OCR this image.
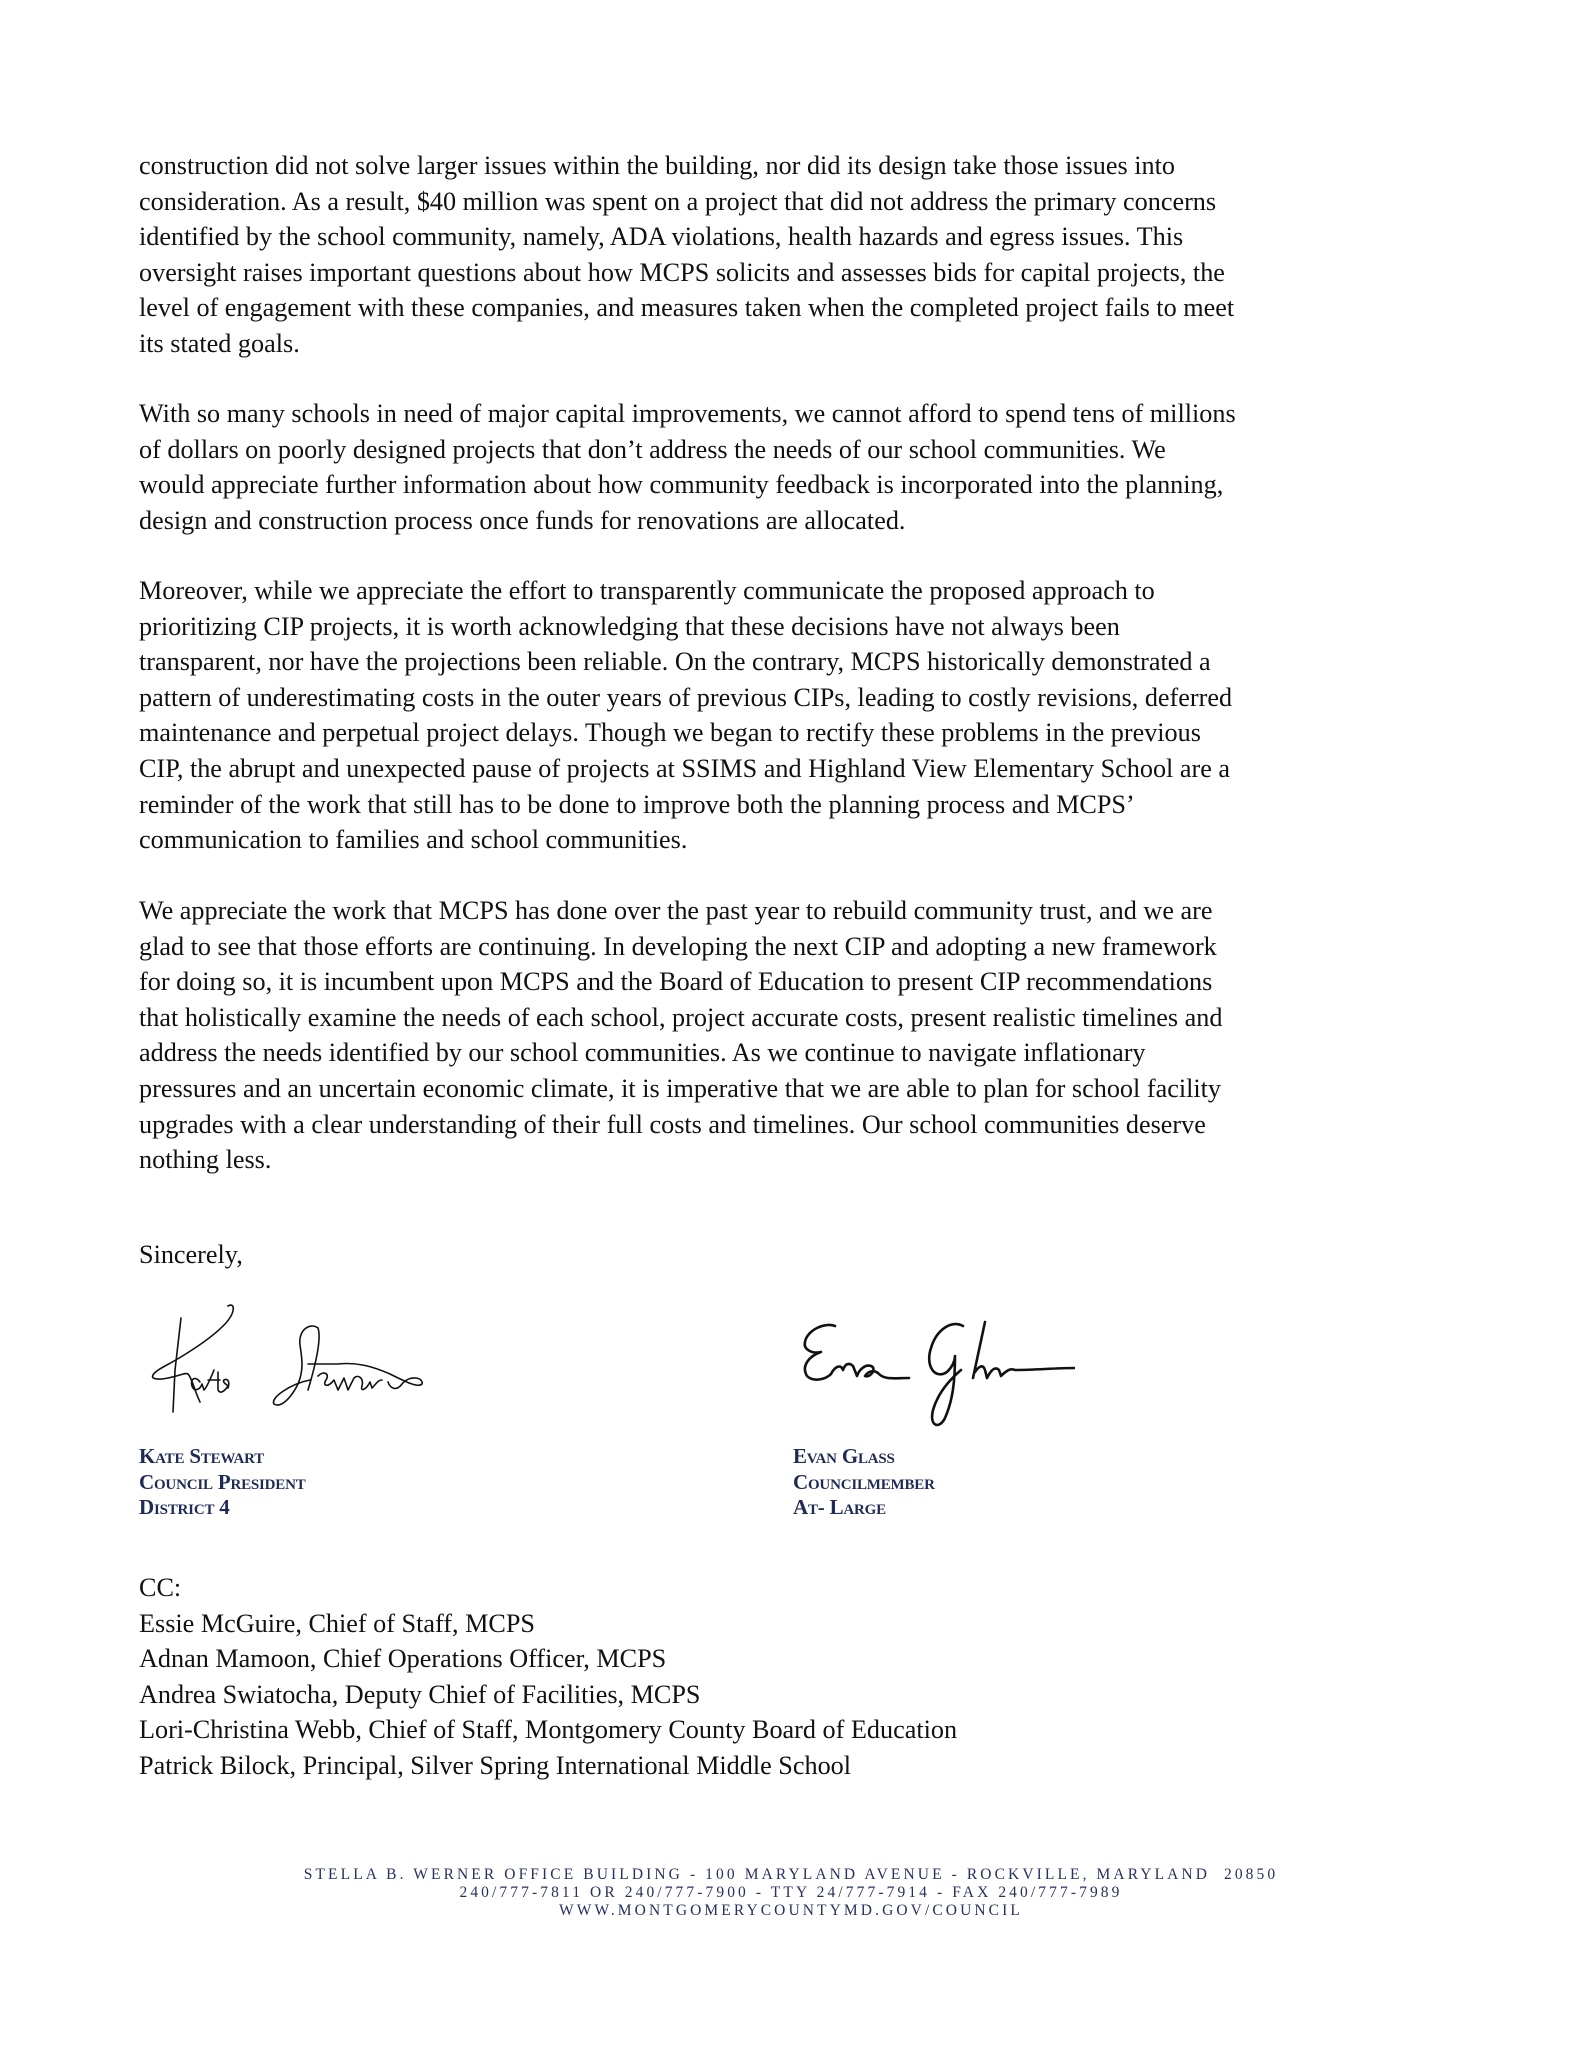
construction did not solve larger issues within the building, nor did its design take those issues into
consideration. As a result, $40 million was spent on a project that did not address the primary concerns
identified by the school community, namely, ADA violations, health hazards and egress issues. This
oversight raises important questions about how MCPS solicits and assesses bids for capital projects, the
level of engagement with these companies, and measures taken when the completed project fails to meet
its stated goals.
With so many schools in need of major capital improvements, we cannot afford to spend tens of millions
of dollars on poorly designed projects that don’t address the needs of our school communities. We
would appreciate further information about how community feedback is incorporated into the planning,
design and construction process once funds for renovations are allocated.
Moreover, while we appreciate the effort to transparently communicate the proposed approach to
prioritizing CIP projects, it is worth acknowledging that these decisions have not always been
transparent, nor have the projections been reliable. On the contrary, MCPS historically demonstrated a
pattern of underestimating costs in the outer years of previous CIPs, leading to costly revisions, deferred
maintenance and perpetual project delays. Though we began to rectify these problems in the previous
CIP, the abrupt and unexpected pause of projects at SSIMS and Highland View Elementary School are a
reminder of the work that still has to be done to improve both the planning process and MCPS’
communication to families and school communities.
We appreciate the work that MCPS has done over the past year to rebuild community trust, and we are
glad to see that those efforts are continuing. In developing the next CIP and adopting a new framework
for doing so, it is incumbent upon MCPS and the Board of Education to present CIP recommendations
that holistically examine the needs of each school, project accurate costs, present realistic timelines and
address the needs identified by our school communities. As we continue to navigate inflationary
pressures and an uncertain economic climate, it is imperative that we are able to plan for school facility
upgrades with a clear understanding of their full costs and timelines. Our school communities deserve
nothing less.
Sincerely,
Kate Stewart
Council President
District 4
Evan Glass
Councilmember
At- Large
CC:
Essie McGuire, Chief of Staff, MCPS
Adnan Mamoon, Chief Operations Officer, MCPS
Andrea Swiatocha, Deputy Chief of Facilities, MCPS
Lori-Christina Webb, Chief of Staff, Montgomery County Board of Education
Patrick Bilock, Principal, Silver Spring International Middle School
STELLA B. WERNER OFFICE BUILDING - 100 MARYLAND AVENUE - ROCKVILLE, MARYLAND  20850
240/777-7811 OR 240/777-7900 - TTY 24/777-7914 - FAX 240/777-7989
WWW.MONTGOMERYCOUNTYMD.GOV/COUNCIL
